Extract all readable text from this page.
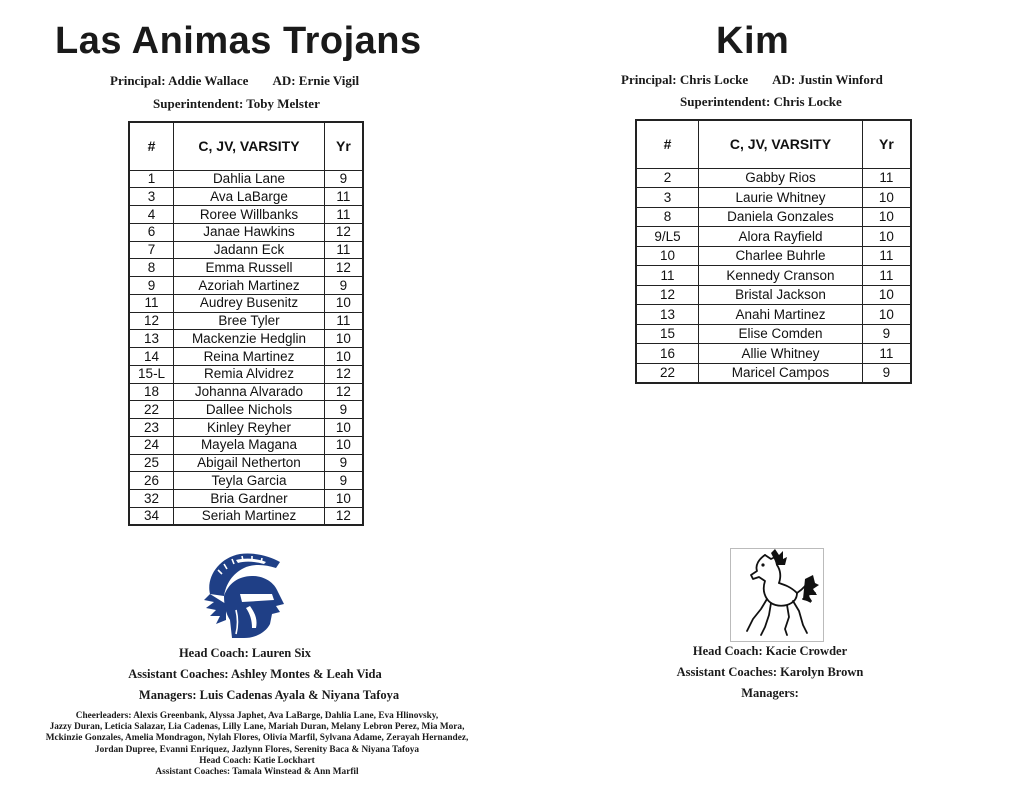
Las Animas Trojans
Principal: Addie Wallace AD: Ernie Vigil
Superintendent: Toby Melster
#	C, JV, VARSITY	Yr
1	Dahlia Lane	9
3	Ava LaBarge	11
4	Roree Willbanks	11
6	Janae Hawkins	12
7	Jadann Eck	11
8	Emma Russell	12
9	Azoriah Martinez	9
11	Audrey Busenitz	10
12	Bree Tyler	11
13	Mackenzie Hedglin	10
14	Reina Martinez	10
15-L	Remia Alvidrez	12
18	Johanna Alvarado	12
22	Dallee Nichols	9
23	Kinley Reyher	10
24	Mayela Magana	10
25	Abigail Netherton	9
26	Teyla Garcia	9
32	Bria Gardner	10
34	Seriah Martinez	12
Head Coach: Lauren Six
Assistant Coaches: Ashley Montes & Leah Vida
Managers: Luis Cadenas Ayala & Niyana Tafoya
Cheerleaders: Alexis Greenbank, Alyssa Japhet, Ava LaBarge, Dahlia Lane, Eva Hlinovsky,
Jazzy Duran, Leticia Salazar, Lia Cadenas, Lilly Lane, Mariah Duran, Melany Lebron Perez, Mia Mora,
Mckinzie Gonzales, Amelia Mondragon, Nylah Flores, Olivia Marfil, Sylvana Adame, Zerayah Hernandez,
Jordan Dupree, Evanni Enriquez, Jazlynn Flores, Serenity Baca & Niyana Tafoya
Head Coach: Katie Lockhart
Assistant Coaches: Tamala Winstead & Ann Marfil
Kim
Principal: Chris Locke AD: Justin Winford
Superintendent: Chris Locke
#	C, JV, VARSITY	Yr
2	Gabby Rios	11
3	Laurie Whitney	10
8	Daniela Gonzales	10
9/L5	Alora Rayfield	10
10	Charlee Buhrle	11
11	Kennedy Cranson	11
12	Bristal Jackson	10
13	Anahi Martinez	10
15	Elise Comden	9
16	Allie Whitney	11
22	Maricel Campos	9
Head Coach: Kacie Crowder
Assistant Coaches: Karolyn Brown
Managers:
